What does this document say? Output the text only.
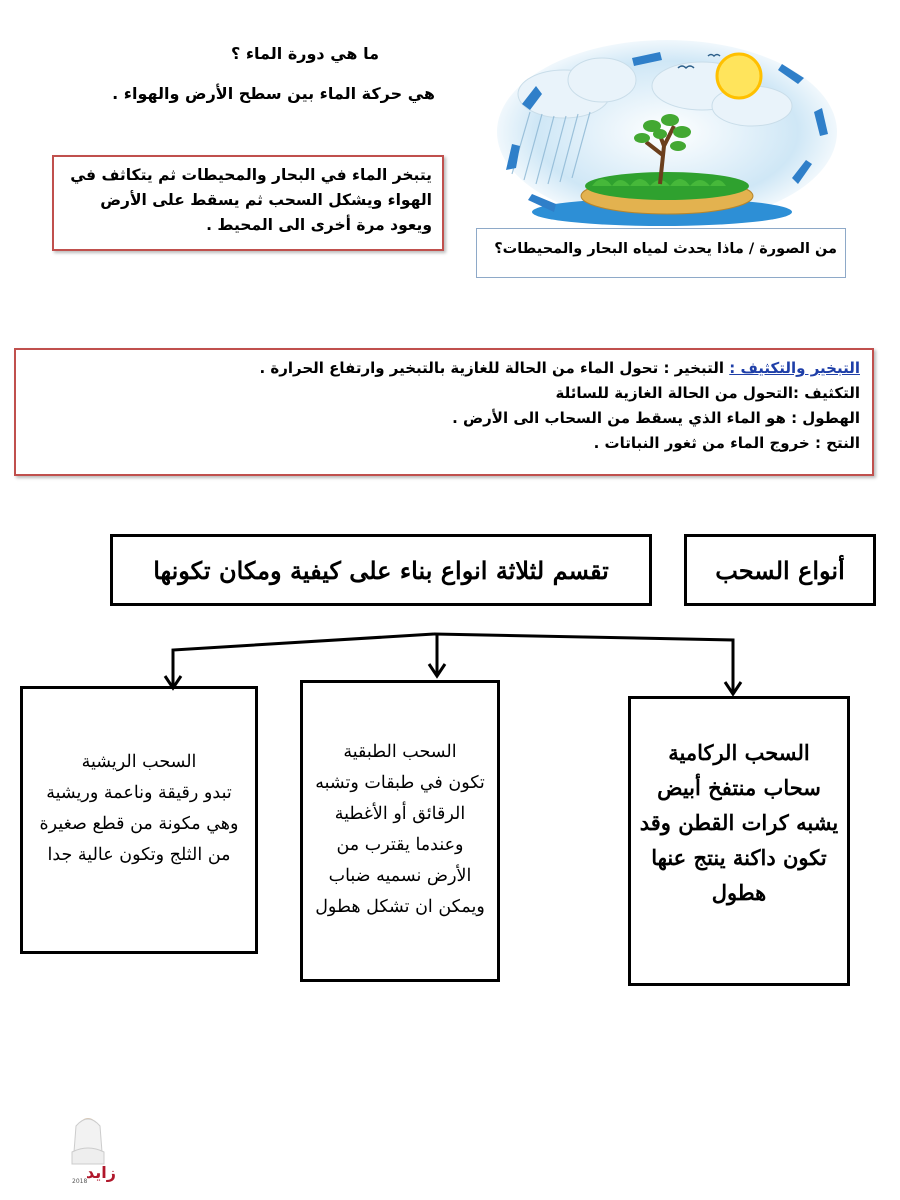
ما هي دورة الماء ؟
هي حركة الماء بين سطح الأرض والهواء .

يتبخر الماء في البحار والمحيطات ثم يتكاثف في

الهواء ويشكل السحب ثم يسقط على الأرض

ويعود مرة أخرى الى المحيط .

من الصورة / ماذا يحدث لمياه البحار والمحيطات؟

التبخير والتكثيف : التبخير : تحول الماء من الحالة للغازية بالتبخير وارتفاع الحرارة .

التكثيف :التحول من الحالة الغازية للسائلة

الهطول : هو الماء الذي يسقط من السحاب الى الأرض .

النتح : خروج الماء من ثغور النباتات .

تقسم لثلاثة انواع بناء على كيفية ومكان تكونها	أنواع السحب

السحب الريشية

تبدو رقيقة وناعمة وريشية

وهي مكونة من قطع صغيرة

من الثلج وتكون عالية جدا

السحب الطبقية

تكون في طبقات وتشبه

الرقائق أو الأغطية

وعندما يقترب من

الأرض نسميه ضباب

ويمكن ان تشكل هطول

السحب الركامية

سحاب منتفخ أبيض

يشبه كرات القطن وقد

تكون داكنة ينتج عنها

هطول

زايد
2018
